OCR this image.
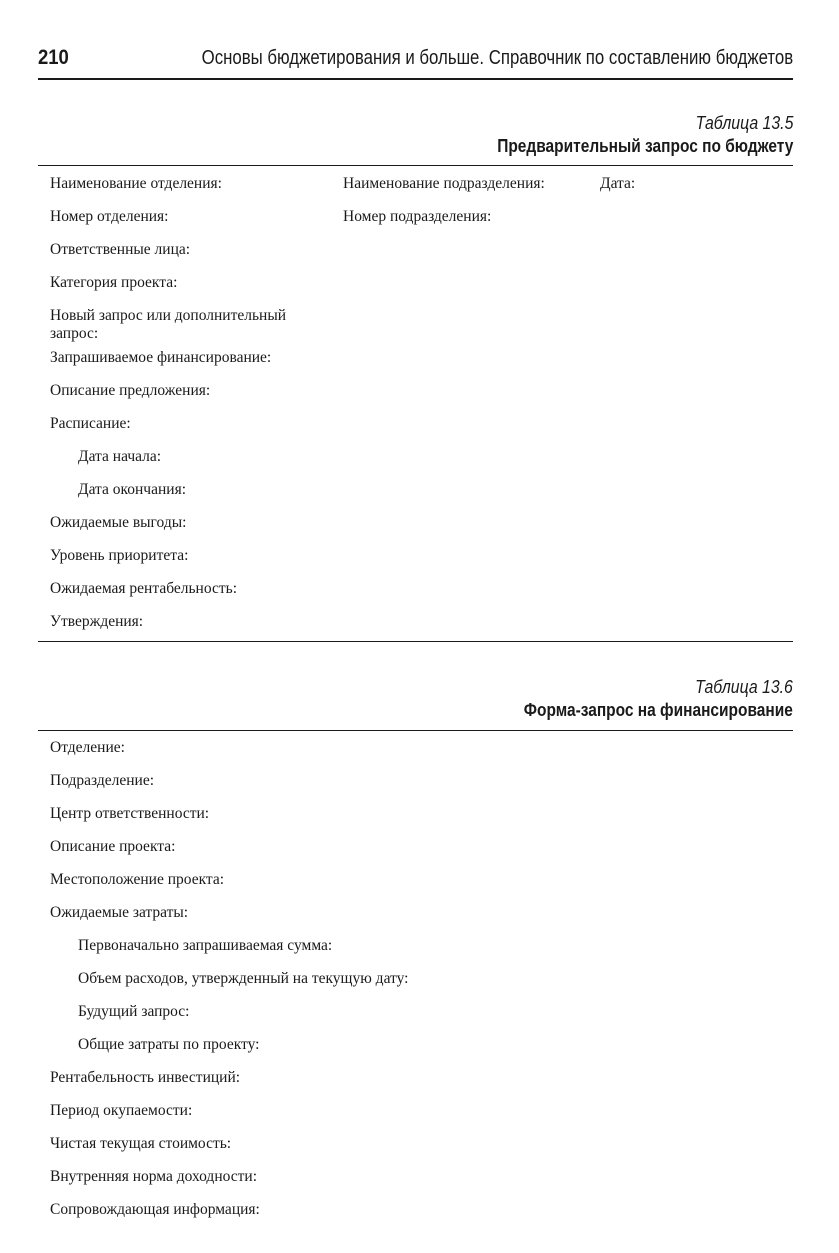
210	Основы бюджетирования и больше. Справочник по составлению бюджетов
Таблица 13.5
Предварительный запрос по бюджету
Наименование отделения:	Наименование подразделения:	Дата:
Номер отделения:	Номер подразделения:
Ответственные лица:
Категория проекта:
Новый запрос или дополнительный запрос:
Запрашиваемое финансирование:
Описание предложения:
Расписание:
Дата начала:
Дата окончания:
Ожидаемые выгоды:
Уровень приоритета:
Ожидаемая рентабельность:
Утверждения:
Таблица 13.6
Форма-запрос на финансирование
Отделение:
Подразделение:
Центр ответственности:
Описание проекта:
Местоположение проекта:
Ожидаемые затраты:
Первоначально запрашиваемая сумма:
Объем расходов, утвержденный на текущую дату:
Будущий запрос:
Общие затраты по проекту:
Рентабельность инвестиций:
Период окупаемости:
Чистая текущая стоимость:
Внутренняя норма доходности:
Сопровождающая информация:
